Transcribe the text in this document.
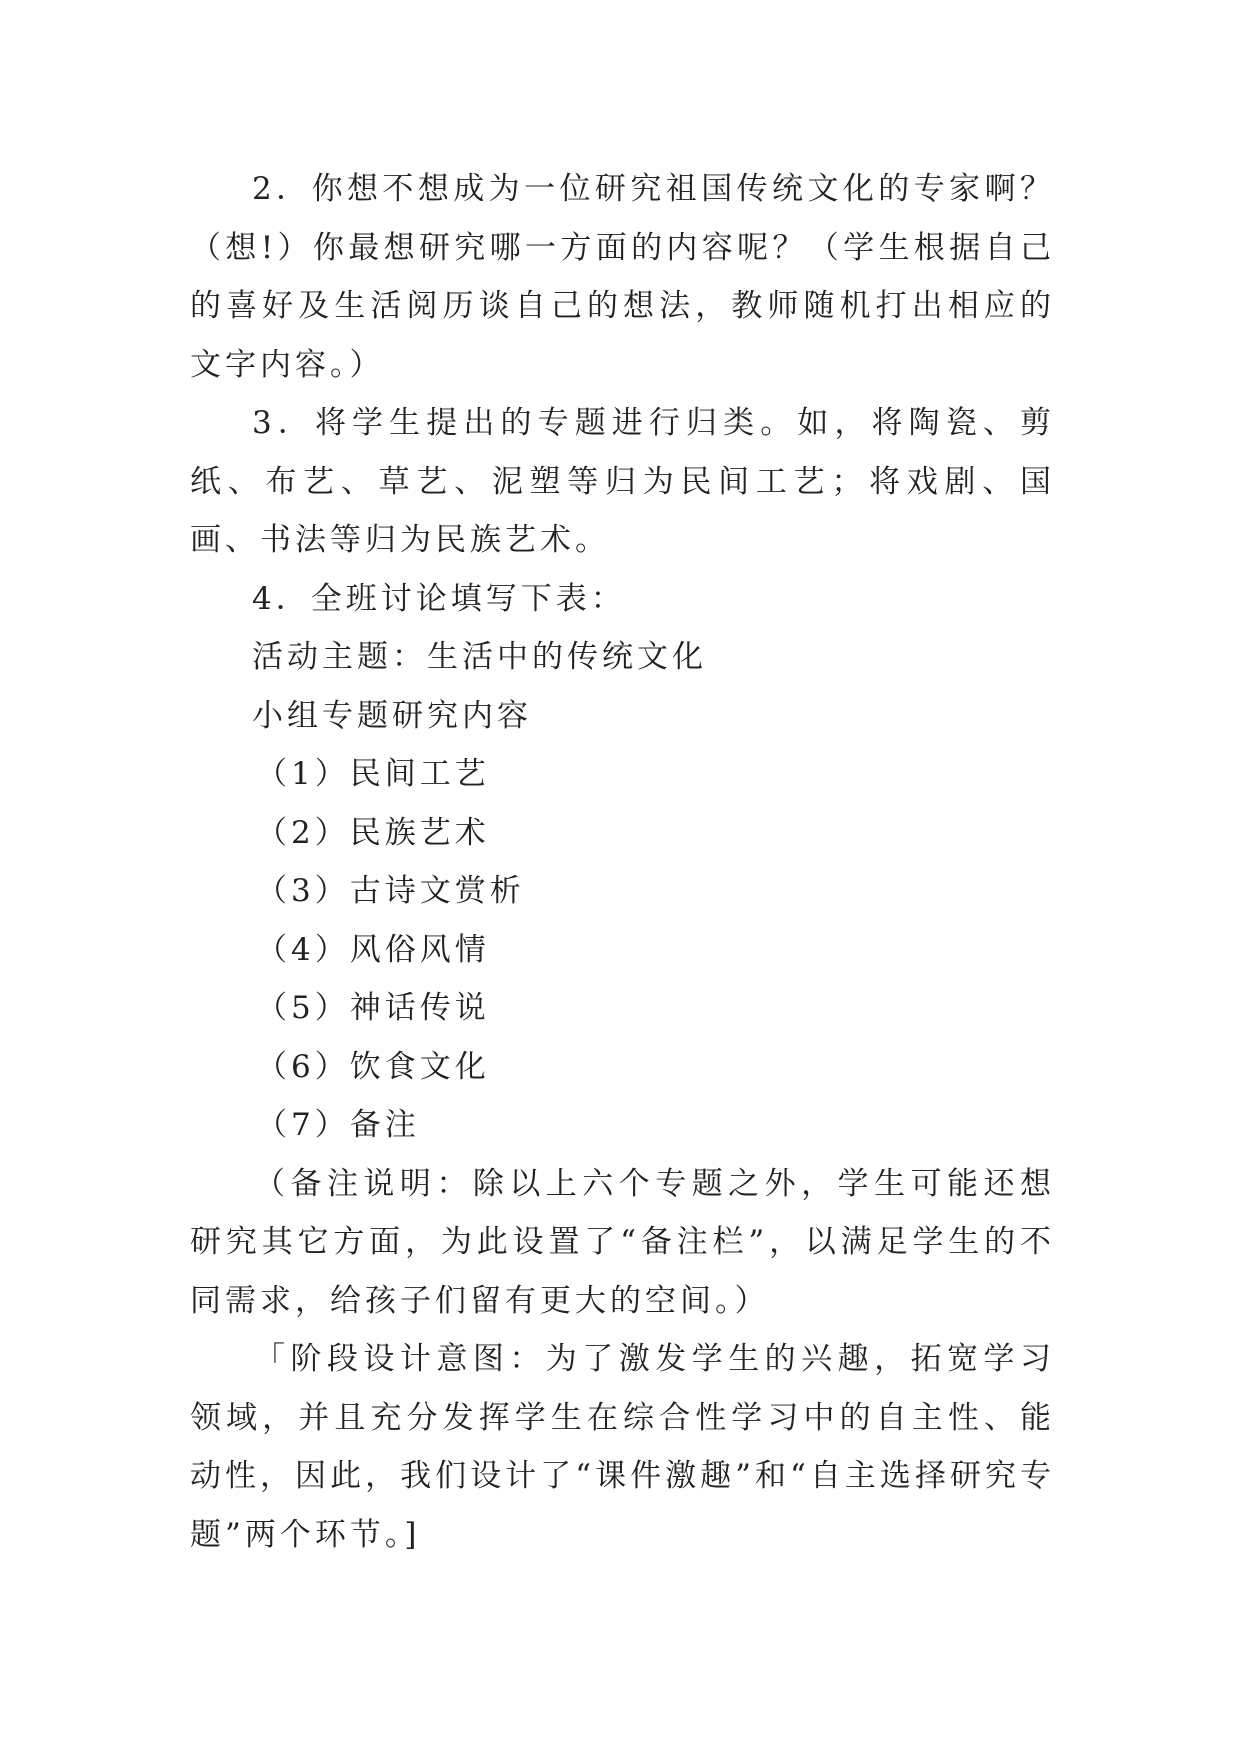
2．你想不想成为一位研究祖国传统文化的专家啊？（想!）你最想研究哪一方面的内容呢？（学生根据自己的喜好及生活阅历谈自己的想法，教师随机打出相应的文字内容。）

3．将学生提出的专题进行归类。如，将陶瓷、剪纸、布艺、草艺、泥塑等归为民间工艺；将戏剧、国画、书法等归为民族艺术。

4．全班讨论填写下表：

活动主题：生活中的传统文化

小组专题研究内容

（1）民间工艺

（2）民族艺术

（3）古诗文赏析

（4）风俗风情

（5）神话传说

（6）饮食文化

（7）备注

（备注说明：除以上六个专题之外，学生可能还想研究其它方面，为此设置了“备注栏”，以满足学生的不同需求，给孩子们留有更大的空间。）

「阶段设计意图：为了激发学生的兴趣，拓宽学习领域，并且充分发挥学生在综合性学习中的自主性、能动性，因此，我们设计了“课件激趣”和“自主选择研究专题”两个环节。]
